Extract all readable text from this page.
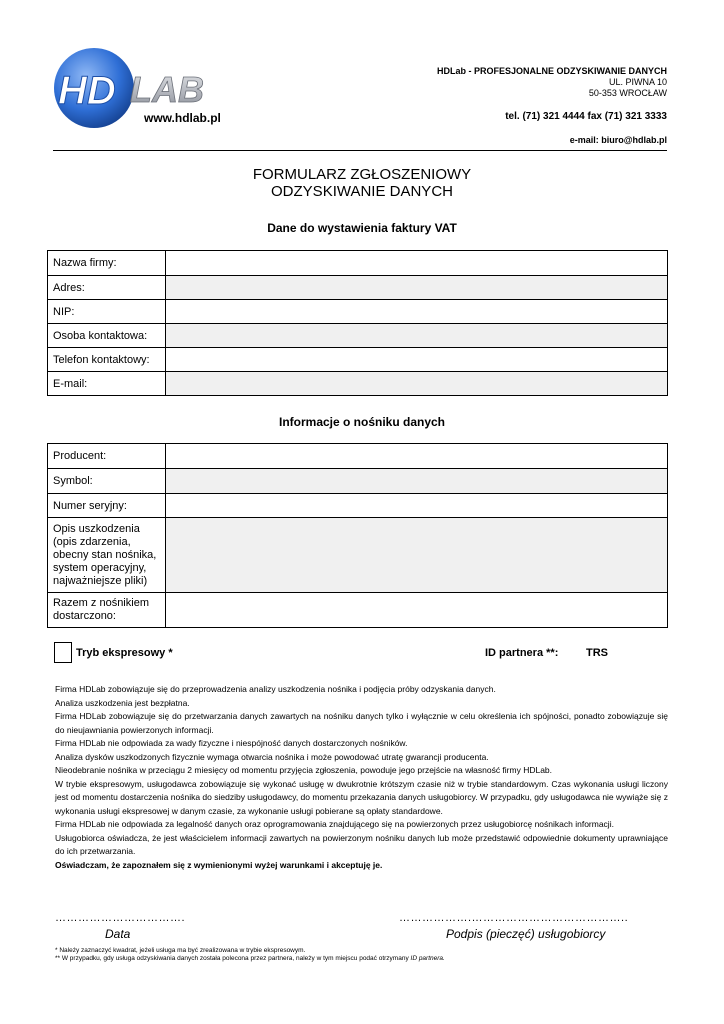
HD LAB
www.hdlab.pl
HDLab - PROFESJONALNE ODZYSKIWANIE DANYCH
UL. PIWNA 10
50-353 WROCŁAW
tel. (71) 321 4444 fax (71) 321 3333
e-mail: biuro@hdlab.pl
FORMULARZ ZGŁOSZENIOWY
ODZYSKIWANIE DANYCH
Dane do wystawienia faktury VAT
Nazwa firmy:	
Adres:	
NIP:	
Osoba kontaktowa:	
Telefon kontaktowy:	
E-mail:	
Informacje o nośniku danych
Producent:	
Symbol:	
Numer seryjny:	

Opis uszkodzenia
(opis zdarzenia,
obecny stan nośnika,
system operacyjny,
najważniejsze pliki)	

Razem z nośnikiem
dostarczono:	

Tryb ekspresowy *	ID partnera **:	TRS

Firma HDLab zobowiązuje się do przeprowadzenia analizy uszkodzenia nośnika i podjęcia próby odzyskania danych.

Analiza uszkodzenia jest bezpłatna.

Firma HDLab zobowiązuje się do przetwarzania danych zawartych na nośniku danych tylko i wyłącznie w celu określenia ich spójności, ponadto zobowiązuje się do nieujawniania powierzonych informacji.

Firma HDLab nie odpowiada za wady fizyczne i niespójność danych dostarczonych nośników.

Analiza dysków uszkodzonych fizycznie wymaga otwarcia nośnika i może powodować utratę gwarancji producenta.

Nieodebranie nośnika w przeciągu 2 miesięcy od momentu przyjęcia zgłoszenia, powoduje jego przejście na własność firmy HDLab.

W trybie ekspresowym, usługodawca zobowiązuje się wykonać usługę w dwukrotnie krótszym czasie niż w trybie standardowym. Czas wykonania usługi liczony jest od momentu dostarczenia nośnika do siedziby usługodawcy, do momentu przekazania danych usługobiorcy. W przypadku, gdy usługodawca nie wywiąże się z wykonania usługi ekspresowej w danym czasie, za wykonanie usługi pobierane są opłaty standardowe.

Firma HDLab nie odpowiada za legalność danych oraz oprogramowania znajdującego się na powierzonych przez usługobiorcę nośnikach informacji.

Usługobiorca oświadcza, że jest właścicielem informacji zawartych na powierzonym nośniku danych lub może przedstawić odpowiednie dokumenty uprawniające do ich przetwarzania.

Oświadczam, że zapoznałem się z wymienionymi wyżej warunkami i akceptuję je.

…………………………….	……………….…………………………………..
Data	Podpis (pieczęć) usługobiorcy
* Należy zaznaczyć kwadrat, jeżeli usługa ma być zrealizowana w trybie ekspresowym.
** W przypadku, gdy usługa odzyskiwania danych została polecona przez partnera, należy w tym miejscu podać otrzymany ID partnera.
